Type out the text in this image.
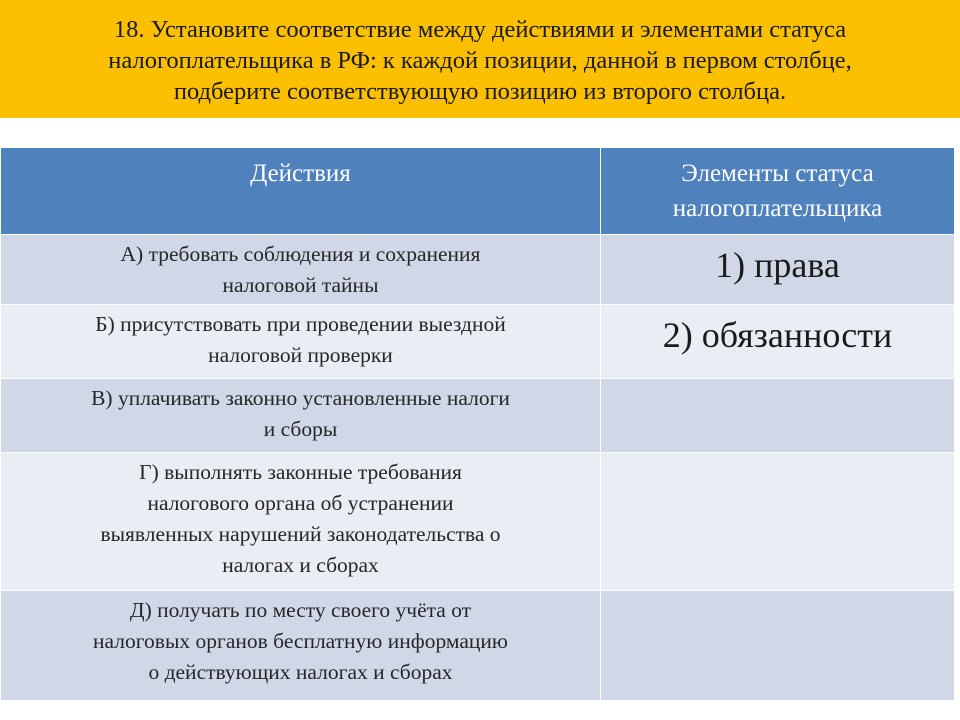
18. Установите соответствие между действиями и элементами статуса
налогоплательщика в РФ: к каждой позиции, данной в первом столбце,
подберите соответствующую позицию из второго столбца.
Действия	Элементы статуса
налогоплательщика

А) требовать соблюдения и сохранения
налоговой тайны	1) права

Б) присутствовать при проведении выездной
налоговой проверки	2) обязанности

В) уплачивать законно установленные налоги
и сборы	

Г) выполнять законные требования
налогового органа об устранении
выявленных нарушений законодательства о
налогах и сборах	

Д) получать по месту своего учёта от
налоговых органов бесплатную информацию
о действующих налогах и сборах	
